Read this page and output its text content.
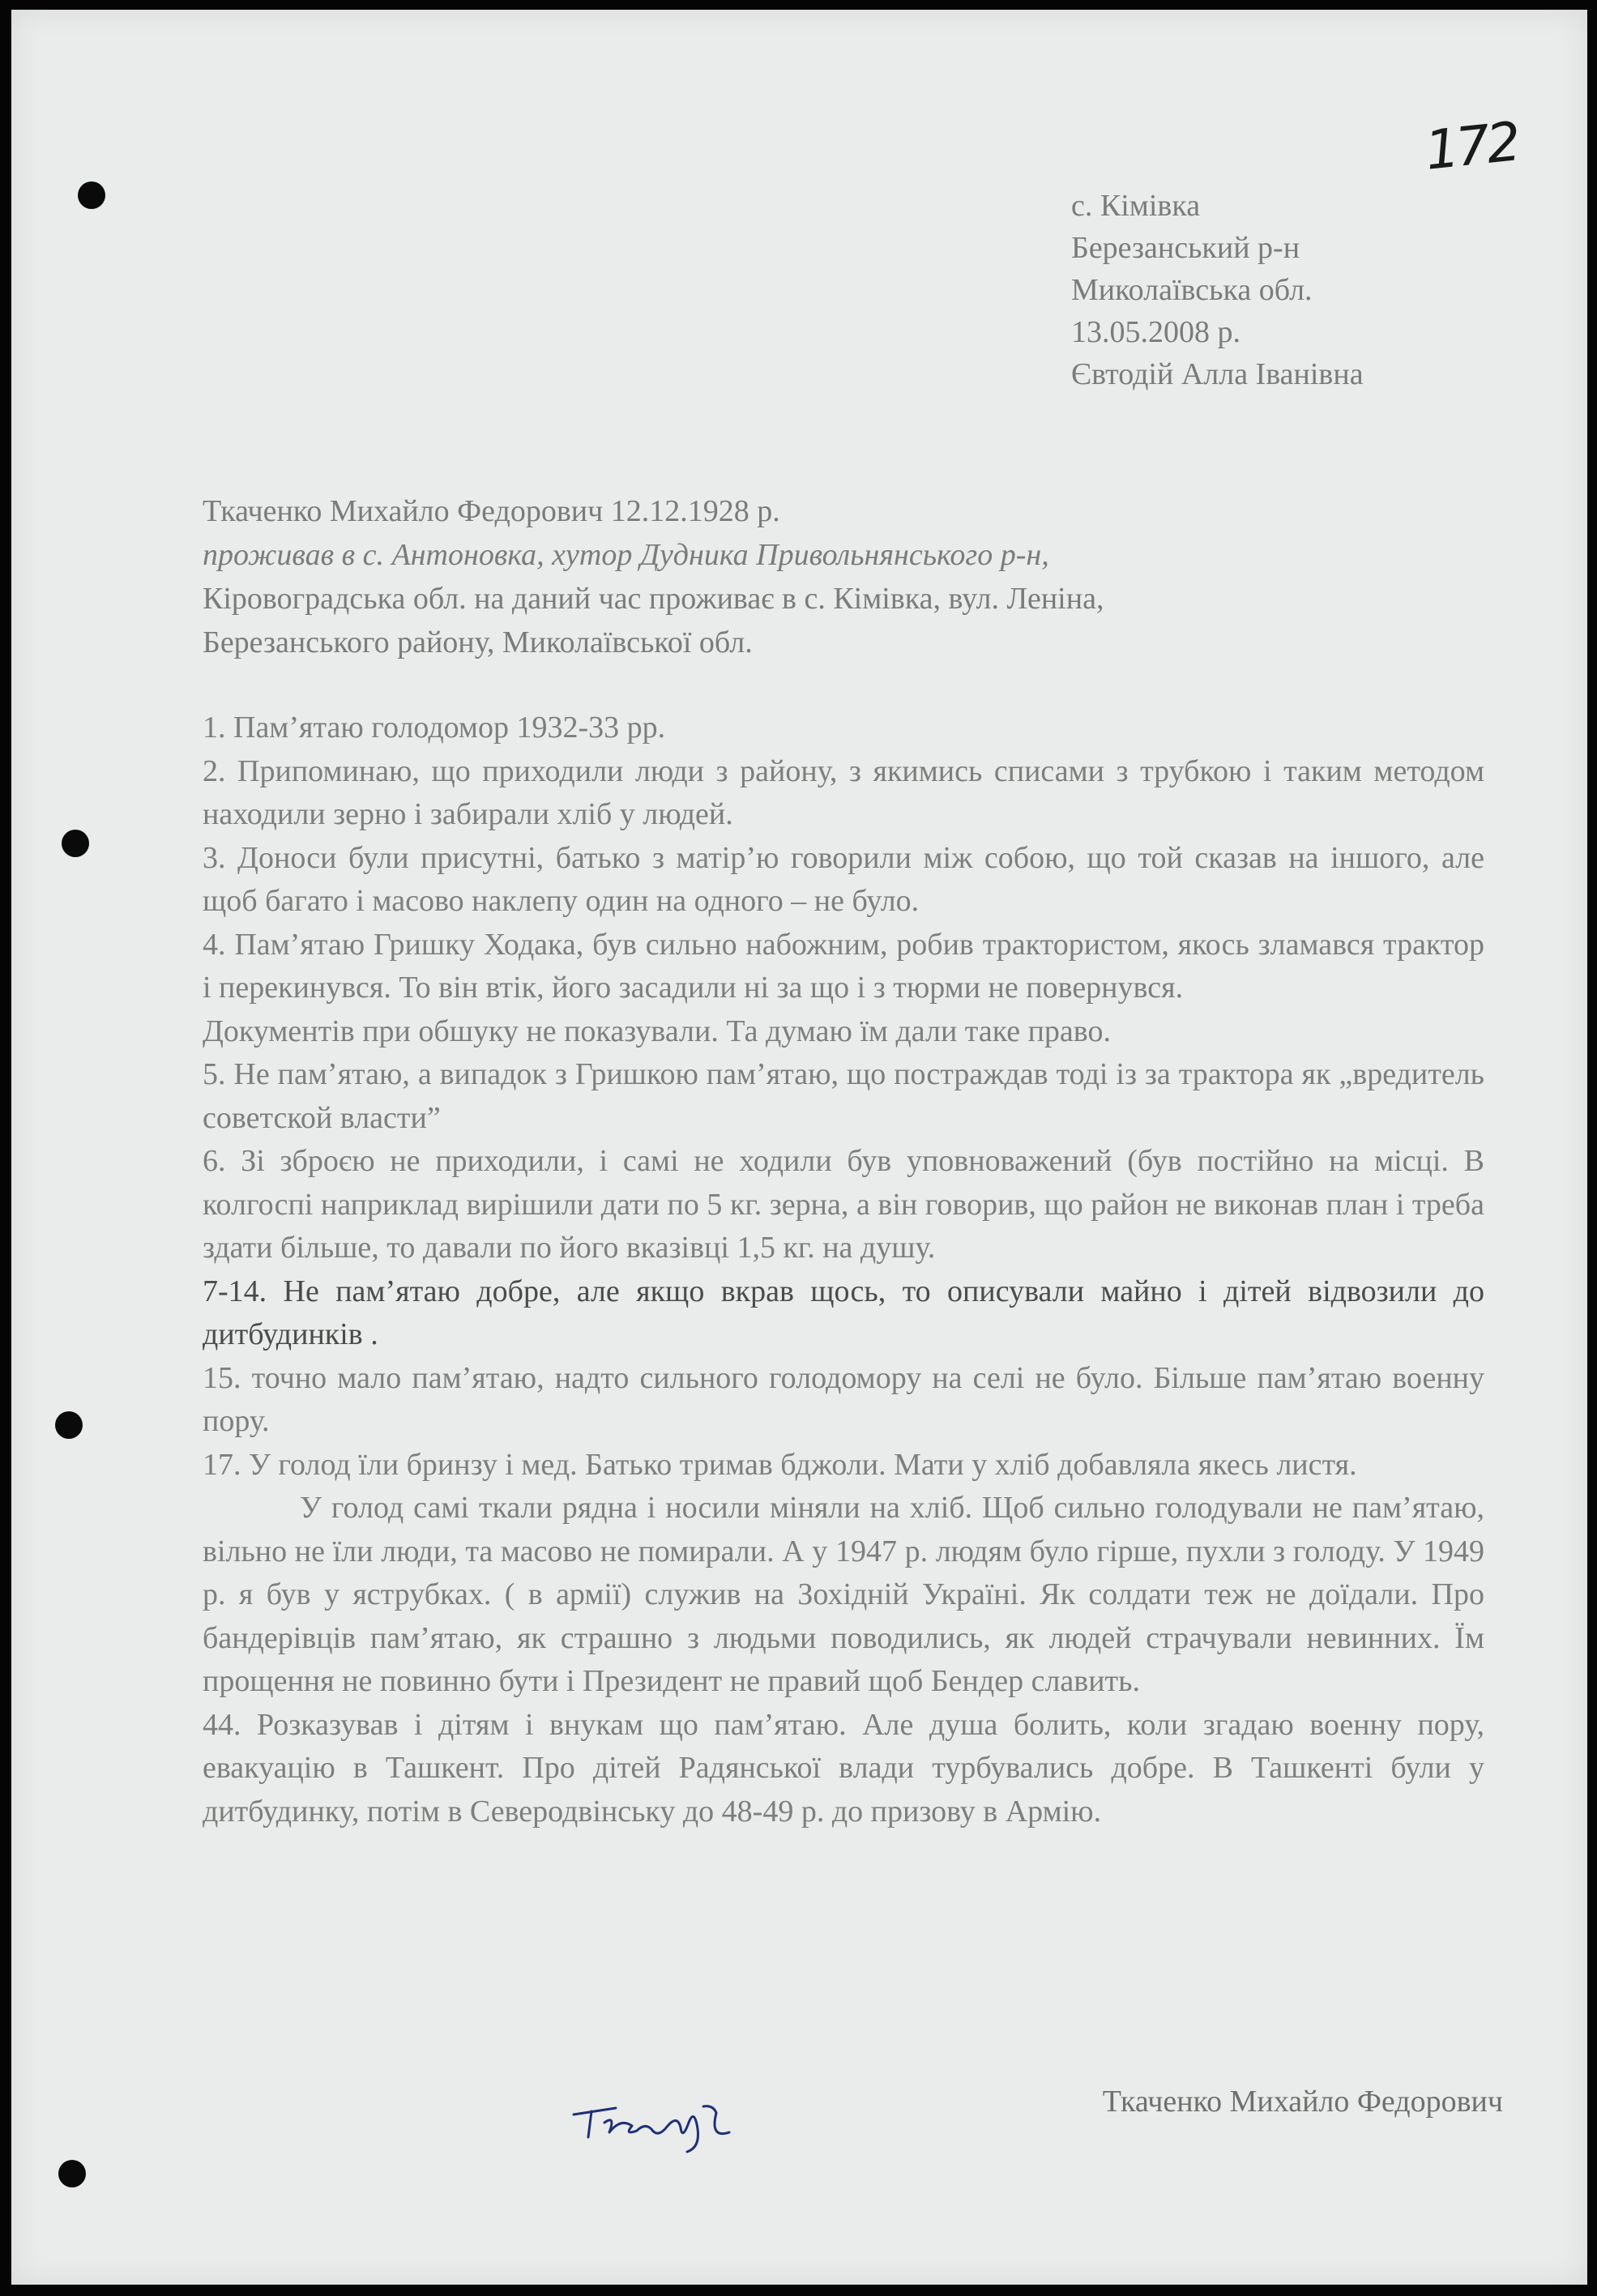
172
с. Кімівка
Березанський р-н
Миколаївська обл.
13.05.2008 р.
Євтодій Алла Іванівна
Ткаченко Михайло Федорович 12.12.1928 р.
проживав в с. Антоновка, хутор Дудника Привольнянського р-н,
Кіровоградська обл. на даний час проживає в с. Кімівка, вул. Леніна,
Березанського району, Миколаївської обл.

1. Пам’ятаю голодомор 1932-33 рр.

2. Припоминаю, що приходили люди з району, з якимись списами з трубкою і таким методом находили зерно і забирали хліб у людей.

3. Доноси були присутні, батько з матір’ю говорили між собою, що той сказав на іншого, але щоб багато і масово наклепу один на одного – не було.

4. Пам’ятаю Гришку Ходака, був сильно набожним, робив трактористом, якось зламався трактор і перекинувся. То він втік, його засадили ні за що і з тюрми не повернувся.

Документів при обшуку не показували. Та думаю їм дали таке право.

5. Не пам’ятаю, а випадок з Гришкою пам’ятаю, що постраждав тоді із за трактора як „вредитель советской власти”

6. Зі зброєю не приходили, і самі не ходили був уповноважений (був постійно на місці. В колгоспі наприклад вирішили дати по 5 кг. зерна, а він говорив, що район не виконав план і треба здати більше, то давали по його вказівці 1,5 кг. на душу.

7-14. Не пам’ятаю добре, але якщо вкрав щось, то описували майно і дітей відвозили до дитбудинків .

15. точно мало пам’ятаю, надто сильного голодомору на селі не було. Більше пам’ятаю военну пору.

17. У голод їли бринзу і мед. Батько тримав бджоли. Мати у хліб добавляла якесь листя.

У голод самі ткали рядна і носили міняли на хліб. Щоб сильно голодували не пам’ятаю, вільно не їли люди, та масово не помирали. А у 1947 р. людям було гірше, пухли з голоду. У 1949 р. я був у яструбках. ( в армії) служив на Зохідній Україні. Як солдати теж не доїдали. Про бандерівців пам’ятаю, як страшно з людьми поводились, як людей страчували невинних. Їм прощення не повинно бути і Президент не правий щоб Бендер славить.

44. Розказував і дітям і внукам що пам’ятаю. Але душа болить, коли згадаю военну пору, евакуацію в Ташкент. Про дітей Радянської влади турбувались добре. В Ташкенті були у дитбудинку, потім в Северодвінську до 48-49 р. до призову в Армію.

Ткаченко Михайло Федорович
